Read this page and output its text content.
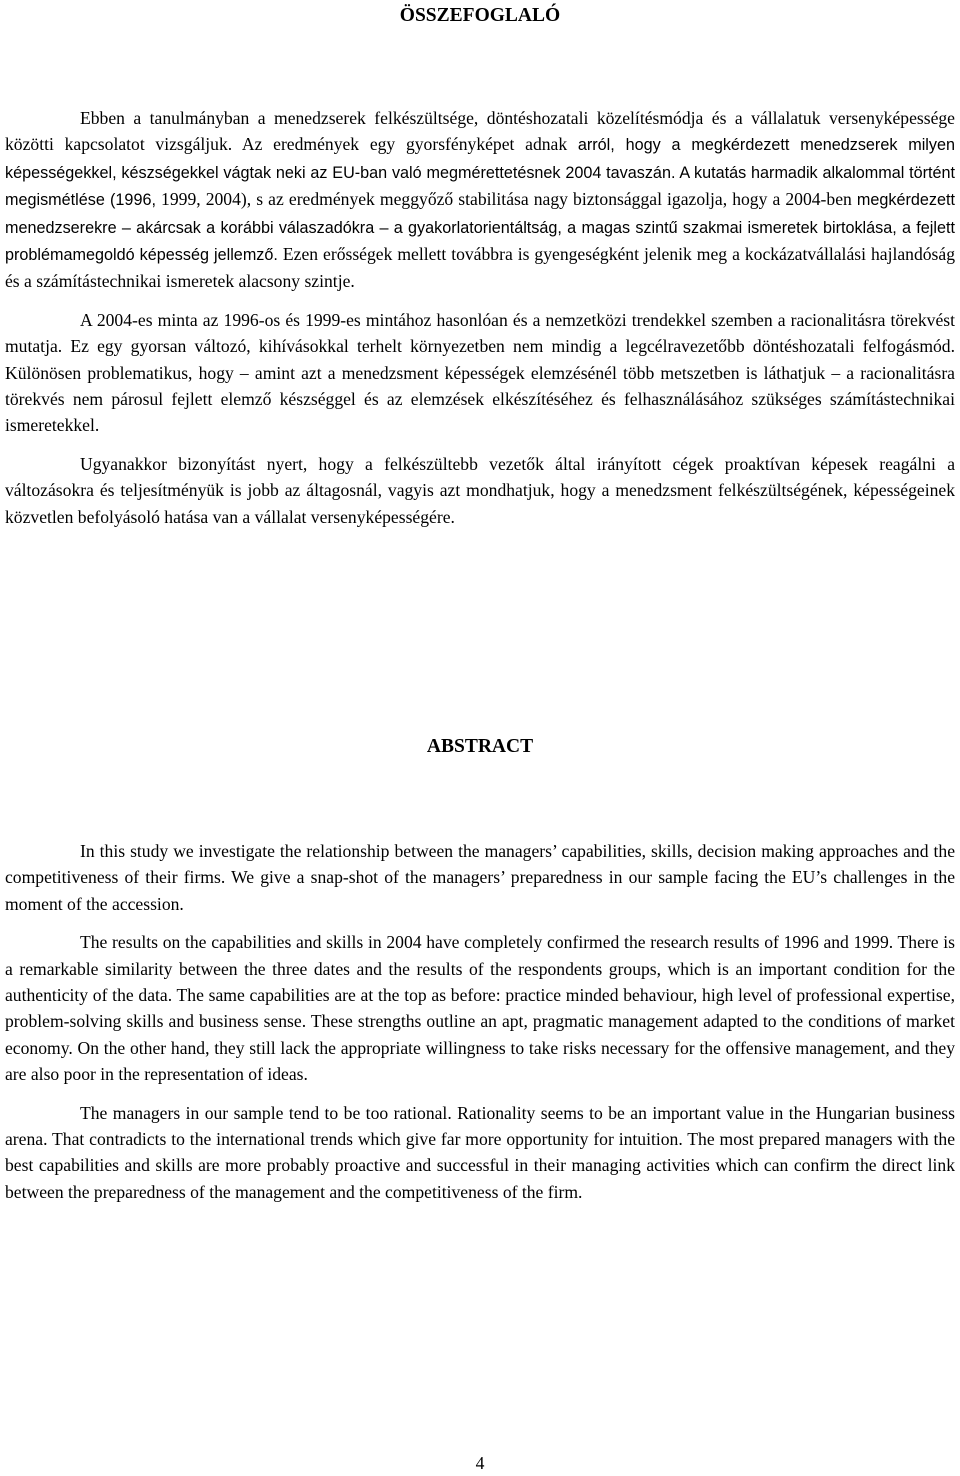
ÖSSZEFOGLALÓ

Ebben a tanulmányban a menedzserek felkészültsége, döntéshozatali közelítésmódja és a vállalatuk versenyképessége közötti kapcsolatot vizsgáljuk. Az eredmények egy gyorsfényképet adnak arról, hogy a megkérdezett menedzserek milyen képességekkel, készségekkel vágtak neki az EU-ban való megmérettetésnek 2004 tavaszán. A kutatás harmadik alkalommal történt megismétlése (1996, 1999, 2004), s az eredmények meggyőző stabilitása nagy biztonsággal igazolja, hogy a 2004-ben megkérdezett menedzserekre – akárcsak a korábbi válaszadókra – a gyakorlatorientáltság, a magas szintű szakmai ismeretek birtoklása, a fejlett problémamegoldó képesség jellemző. Ezen erősségek mellett továbbra is gyengeségként jelenik meg a kockázatvállalási hajlandóság és a számítástechnikai ismeretek alacsony szintje.

A 2004-es minta az 1996-os és 1999-es mintához hasonlóan és a nemzetközi trendekkel szemben a racionalitásra törekvést mutatja. Ez egy gyorsan változó, kihívásokkal terhelt környezetben nem mindig a legcélravezetőbb döntéshozatali felfogásmód. Különösen problematikus, hogy – amint azt a menedzsment képességek elemzésénél több metszetben is láthatjuk – a racionalitásra törekvés nem párosul fejlett elemző készséggel és az elemzések elkészítéséhez és felhasználásához szükséges számítástechnikai ismeretekkel.

Ugyanakkor bizonyítást nyert, hogy a felkészültebb vezetők által irányított cégek proaktívan képesek reagálni a változásokra és teljesítményük is jobb az áltagosnál, vagyis azt mondhatjuk, hogy a menedzsment felkészültségének, képességeinek közvetlen befolyásoló hatása van a vállalat versenyképességére.

ABSTRACT

In this study we investigate the relationship between the managers’ capabilities, skills, decision making approaches and the competitiveness of their firms. We give a snap-shot of the managers’ preparedness in our sample facing the EU’s challenges in the moment of the accession.

The results on the capabilities and skills in 2004 have completely confirmed the research results of 1996 and 1999. There is a remarkable similarity between the three dates and the results of the respondents groups, which is an important condition for the authenticity of the data. The same capabilities are at the top as before: practice minded behaviour, high level of professional expertise, problem-solving skills and business sense. These strengths outline an apt, pragmatic management adapted to the conditions of market economy. On the other hand, they still lack the appropriate willingness to take risks necessary for the offensive management, and they are also poor in the representation of ideas.

The managers in our sample tend to be too rational. Rationality seems to be an important value in the Hungarian business arena. That contradicts to the international trends which give far more opportunity for intuition. The most prepared managers with the best capabilities and skills are more probably proactive and successful in their managing activities which can confirm the direct link between the preparedness of the management and the competitiveness of the firm.

4
